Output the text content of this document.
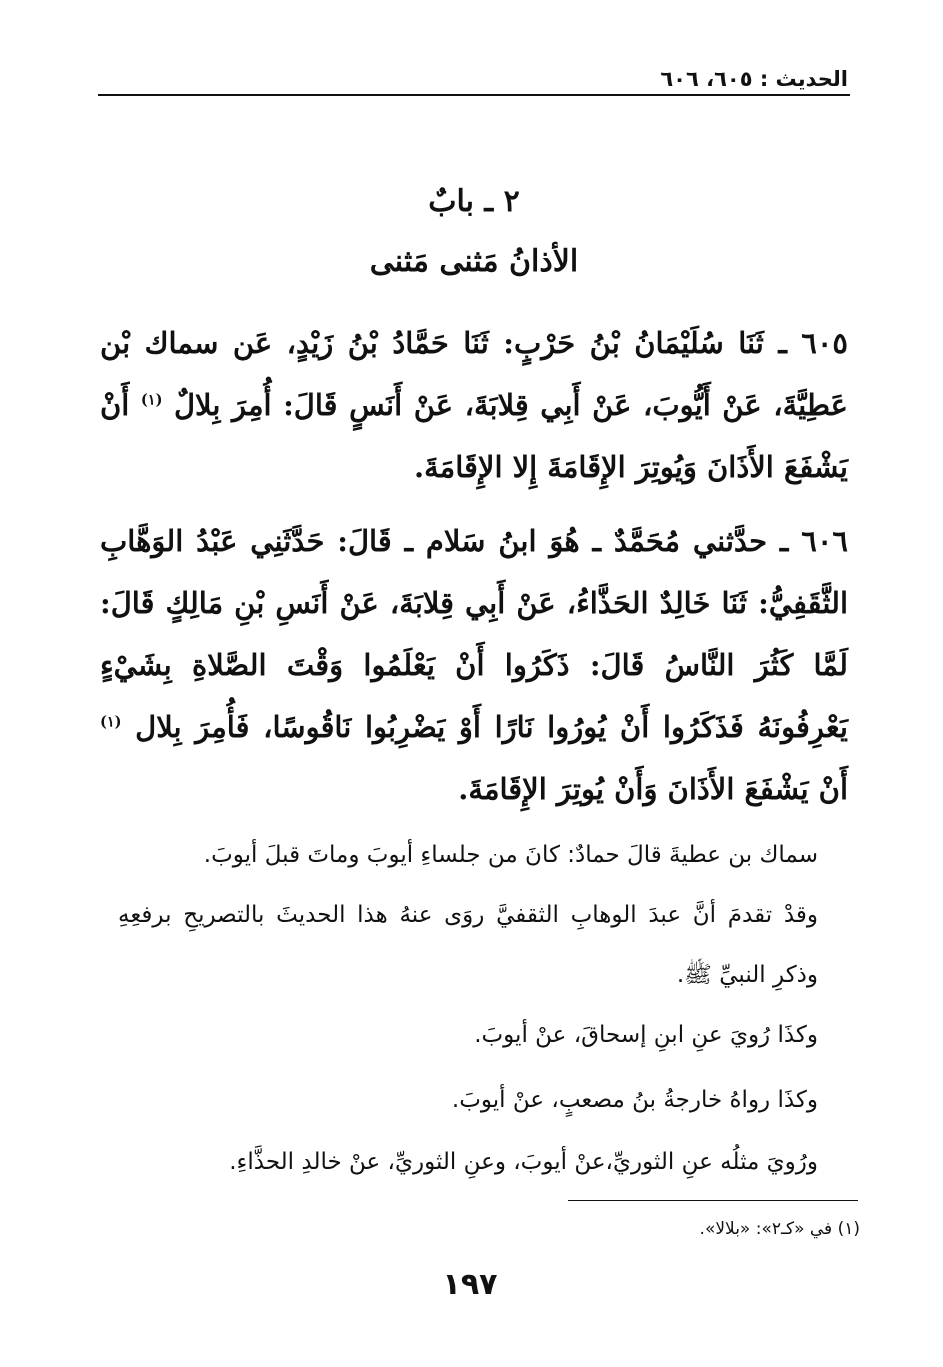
الحديث : ٦٠٥، ٦٠٦
٢ ـ بابٌ
الأذانُ مَثنى مَثنى
٦٠٥ ـ ثَنَا سُلَيْمَانُ بْنُ حَرْبٍ: ثَنَا حَمَّادُ بْنُ زَيْدٍ، عَن سماك بْن عَطِيَّةَ، عَنْ أَيُّوبَ، عَنْ أَبِي قِلابَةَ، عَنْ أَنَسٍ قَالَ: أُمِرَ بِلالٌ $^{(١)}$ أَنْ يَشْفَعَ الأَذَانَ وَيُوتِرَ الإِقَامَةَ إِلا الإِقَامَةَ.
٦٠٦ ـ حدَّثني مُحَمَّدٌ ـ هُوَ ابنُ سَلام ـ قَالَ: حَدَّثَنِي عَبْدُ الوَهَّابِ الثَّقَفِيُّ: ثَنَا خَالِدٌ الحَذَّاءُ، عَنْ أَبِي قِلابَةَ، عَنْ أَنَسِ بْنِ مَالِكٍ قَالَ: لَمَّا كَثُرَ النَّاسُ قَالَ: ذَكَرُوا أَنْ يَعْلَمُوا وَقْتَ الصَّلاةِ بِشَيْءٍ يَعْرِفُونَهُ فَذَكَرُوا أَنْ يُورُوا نَارًا أَوْ يَضْرِبُوا نَاقُوسًا، فَأُمِرَ بِلال $^{(١)}$ أَنْ يَشْفَعَ الأَذَانَ وَأَنْ يُوتِرَ الإِقَامَةَ.
سماك بن عطيةَ قالَ حمادٌ: كانَ من جلساءِ أيوبَ وماتَ قبلَ أيوبَ.
وقدْ تقدمَ أنَّ عبدَ الوهابِ الثقفيَّ روَى عنهُ هذا الحديثَ بالتصريحِ برفعِهِ وذكرِ النبيِّ ﷺ.
وكذَا رُويَ عنِ ابنِ إسحاقَ، عنْ أيوبَ.
وكذَا رواهُ خارجةُ بنُ مصعبٍ، عنْ أيوبَ.
ورُويَ مثلُه عنِ الثوريِّ،عنْ أيوبَ، وعنِ الثوريِّ، عنْ خالدِ الحذَّاءِ.
(١) في «كـ٢»: «بلالا».
١٩٧
